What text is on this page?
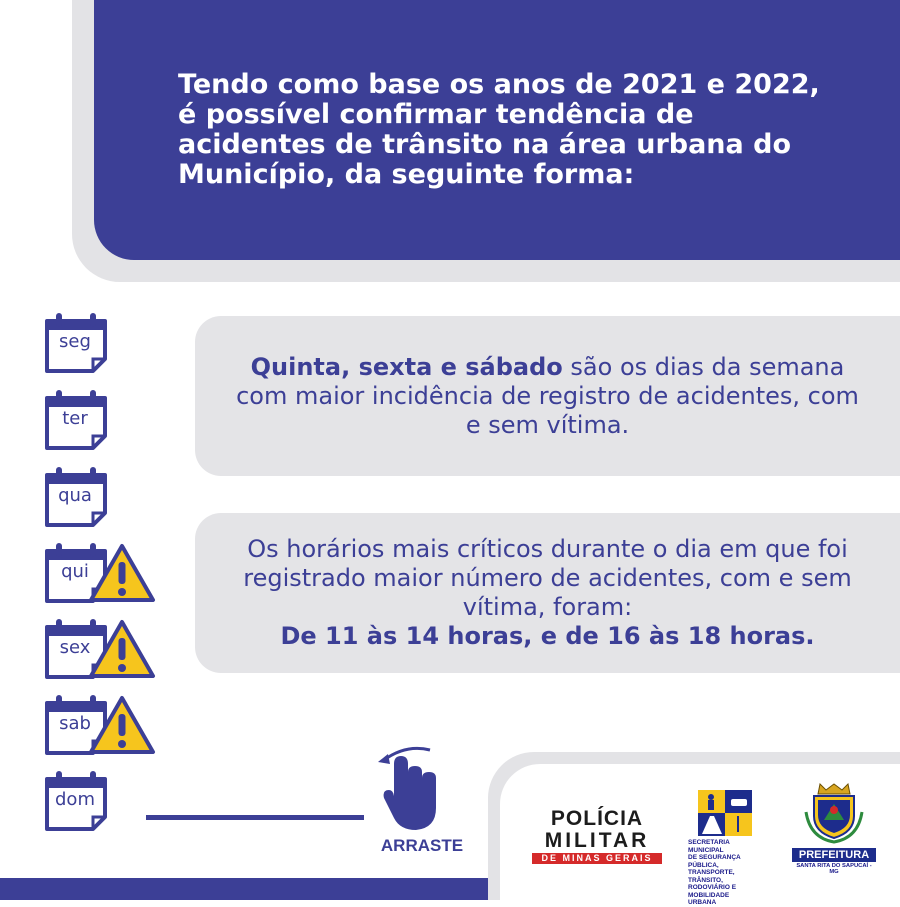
Tendo como base os anos de 2021 e 2022, é possível confirmar tendência de acidentes de trânsito na área urbana do Município, da seguinte forma:

seg
ter
qua
qui
sex
sab
dom

Quinta, sexta e sábado são os dias da semana com maior incidência de registro de acidentes, com e sem vítima.

Os horários mais críticos durante o dia em que foi registrado maior número de acidentes, com e sem vítima, foram:
De 11 às 14 horas, e de 16 às 18 horas.

ARRASTE
POLÍCIA
MILITAR
DE MINAS GERAIS
SECRETARIA MUNICIPAL
DE SEGURANÇA PÚBLICA,
TRANSPORTE, TRÂNSITO,
RODOVIÁRIO E MOBILIDADE
URBANA
PREFEITURA
SANTA RITA DO SAPUCAÍ - MG
